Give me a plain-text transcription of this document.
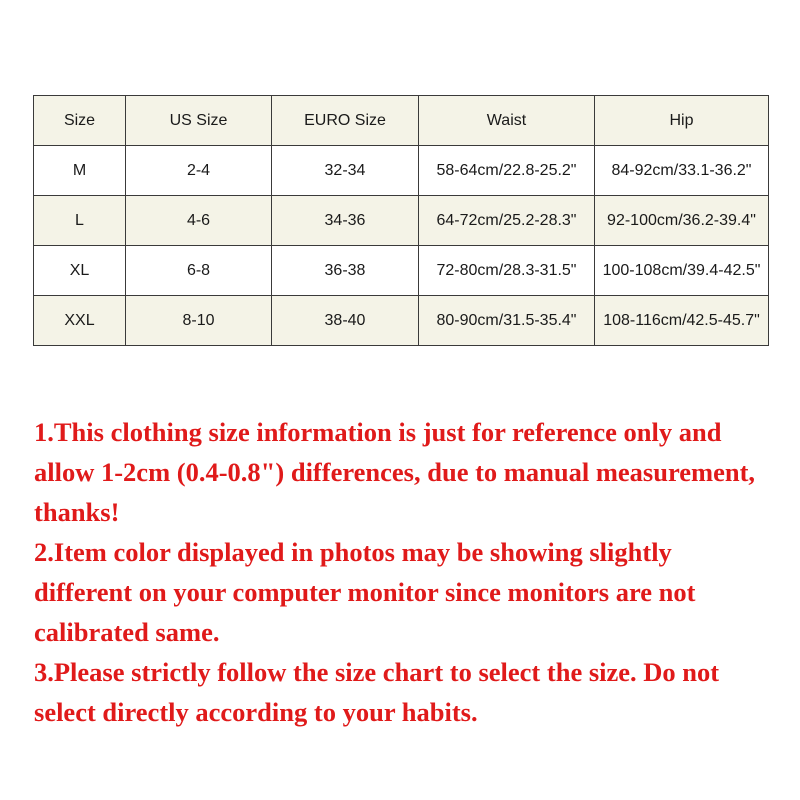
Size	US Size	EURO Size	Waist	Hip
M	2-4	32-34	58-64cm/22.8-25.2"	84-92cm/33.1-36.2"
L	4-6	34-36	64-72cm/25.2-28.3"	92-100cm/36.2-39.4"
XL	6-8	36-38	72-80cm/28.3-31.5"	100-108cm/39.4-42.5"
XXL	8-10	38-40	80-90cm/31.5-35.4"	108-116cm/42.5-45.7"

1.This clothing size information is just for reference only and allow 1-2cm (0.4-0.8") differences, due to manual measurement, thanks!

2.Item color displayed in photos may be showing slightly different on your computer monitor since monitors are not calibrated same.

3.Please strictly follow the size chart to select the size. Do not select directly according to your habits.
